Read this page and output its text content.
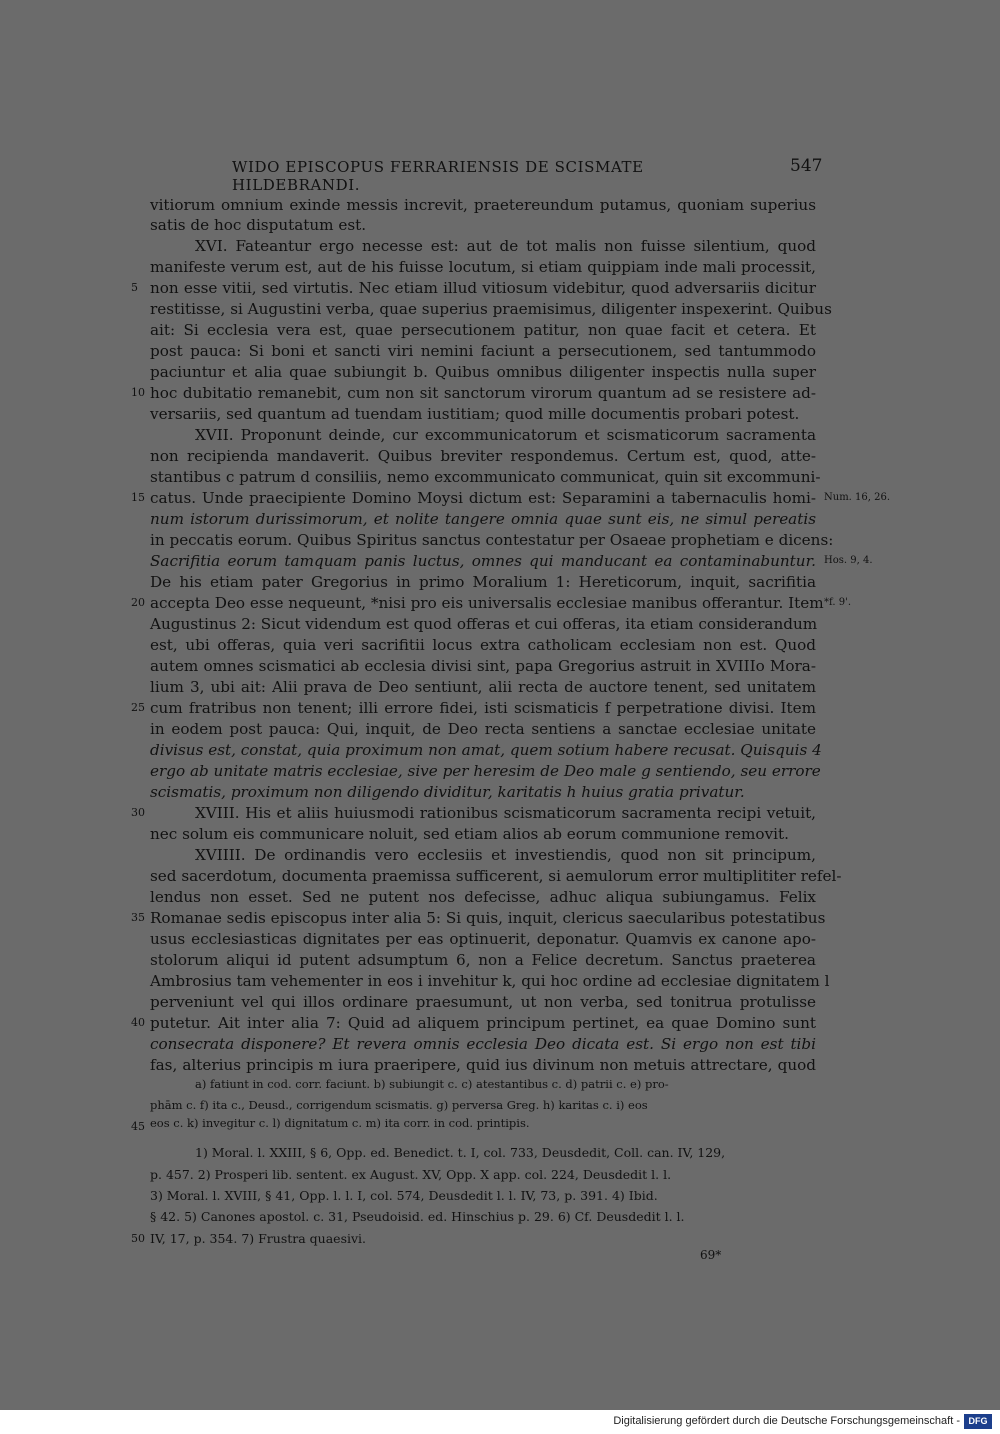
WIDO EPISCOPUS FERRARIENSIS DE SCISMATE HILDEBRANDI.
547
vitiorum omnium exinde messis increvit, praetereundum putamus, quoniam superius
satis de hoc disputatum est.
XVI. Fateantur ergo necesse est: aut de tot malis non fuisse silentium, quod
manifeste verum est, aut de his fuisse locutum, si etiam quippiam inde mali processit,
non esse vitii, sed virtutis. Nec etiam illud vitiosum videbitur, quod adversariis dicitur
restitisse, si Augustini verba, quae superius praemisimus, diligenter inspexerint. Quibus
ait: Si ecclesia vera est, quae persecutionem patitur, non quae facit et cetera. Et
post pauca: Si boni et sancti viri nemini faciunt a persecutionem, sed tantummodo
paciuntur et alia quae subiungit b. Quibus omnibus diligenter inspectis nulla super
hoc dubitatio remanebit, cum non sit sanctorum virorum quantum ad se resistere ad-
versariis, sed quantum ad tuendam iustitiam; quod mille documentis probari potest.
XVII. Proponunt deinde, cur excommunicatorum et scismaticorum sacramenta
non recipienda mandaverit. Quibus breviter respondemus. Certum est, quod, atte-
stantibus c patrum d consiliis, nemo excommunicato communicat, quin sit excommuni-
catus. Unde praecipiente Domino Moysi dictum est: Separamini a tabernaculis homi-
num istorum durissimorum, et nolite tangere omnia quae sunt eis, ne simul pereatis
in peccatis eorum. Quibus Spiritus sanctus contestatur per Osaeae prophetiam e dicens:
Sacrifitia eorum tamquam panis luctus, omnes qui manducant ea contaminabuntur.
De his etiam pater Gregorius in primo Moralium 1: Hereticorum, inquit, sacrifitia
accepta Deo esse nequeunt, *nisi pro eis universalis ecclesiae manibus offerantur. Item
Augustinus 2: Sicut videndum est quod offeras et cui offeras, ita etiam considerandum
est, ubi offeras, quia veri sacrifitii locus extra catholicam ecclesiam non est. Quod
autem omnes scismatici ab ecclesia divisi sint, papa Gregorius astruit in XVIIIo Mora-
lium 3, ubi ait: Alii prava de Deo sentiunt, alii recta de auctore tenent, sed unitatem
cum fratribus non tenent; illi errore fidei, isti scismaticis f perpetratione divisi. Item
in eodem post pauca: Qui, inquit, de Deo recta sentiens a sanctae ecclesiae unitate
divisus est, constat, quia proximum non amat, quem sotium habere recusat. Quisquis 4
ergo ab unitate matris ecclesiae, sive per heresim de Deo male g sentiendo, seu errore
scismatis, proximum non diligendo dividitur, karitatis h huius gratia privatur.
XVIII. His et aliis huiusmodi rationibus scismaticorum sacramenta recipi vetuit,
nec solum eis communicare noluit, sed etiam alios ab eorum communione removit.
XVIIII. De ordinandis vero ecclesiis et investiendis, quod non sit principum,
sed sacerdotum, documenta praemissa sufficerent, si aemulorum error multiplititer refel-
lendus non esset. Sed ne putent nos defecisse, adhuc aliqua subiungamus. Felix
Romanae sedis episcopus inter alia 5: Si quis, inquit, clericus saecularibus potestatibus
usus ecclesiasticas dignitates per eas optinuerit, deponatur. Quamvis ex canone apo-
stolorum aliqui id putent adsumptum 6, non a Felice decretum. Sanctus praeterea
Ambrosius tam vehementer in eos i invehitur k, qui hoc ordine ad ecclesiae dignitatem l
perveniunt vel qui illos ordinare praesumunt, ut non verba, sed tonitrua protulisse
putetur. Ait inter alia 7: Quid ad aliquem principum pertinet, ea quae Domino sunt
consecrata disponere? Et revera omnis ecclesia Deo dicata est. Si ergo non est tibi
fas, alterius principis m iura praeripere, quid ius divinum non metuis attrectare, quod
5
10
15
20
25
30
35
40
45
50
Num. 16, 26.
Hos. 9, 4.
*f. 9'.
a) fatiunt in cod. corr. faciunt. b) subiungit c. c) atestantibus c. d) patrii c. e) pro-
phām c. f) ita c., Deusd., corrigendum scismatis. g) perversa Greg. h) karitas c. i) eos
eos c. k) invegitur c. l) dignitatum c. m) ita corr. in cod. printipis.
1) Moral. l. XXIII, § 6, Opp. ed. Benedict. t. I, col. 733, Deusdedit, Coll. can. IV, 129,
p. 457. 2) Prosperi lib. sentent. ex August. XV, Opp. X app. col. 224, Deusdedit l. l.
3) Moral. l. XVIII, § 41, Opp. l. l. I, col. 574, Deusdedit l. l. IV, 73, p. 391. 4) Ibid.
§ 42. 5) Canones apostol. c. 31, Pseudoisid. ed. Hinschius p. 29. 6) Cf. Deusdedit l. l.
IV, 17, p. 354. 7) Frustra quaesivi.
69*
Digitalisierung gefördert durch die Deutsche Forschungsgemeinschaft - DFG
